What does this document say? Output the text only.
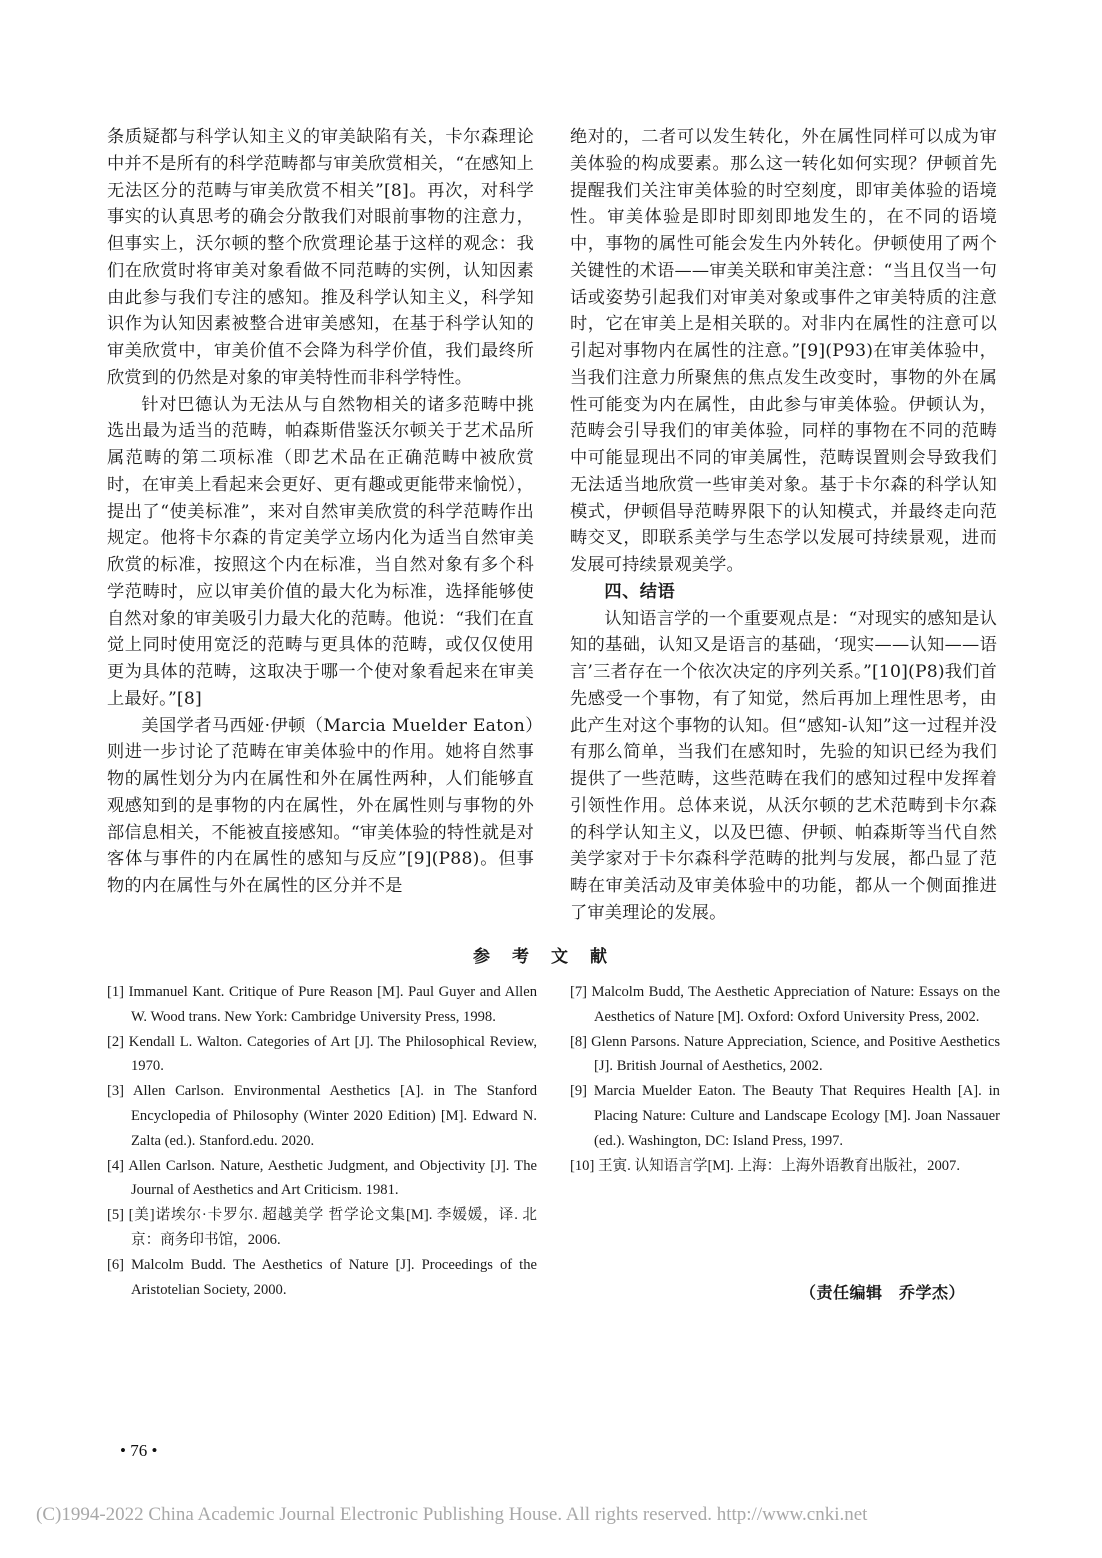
条质疑都与科学认知主义的审美缺陷有关，卡尔森理论中并不是所有的科学范畴都与审美欣赏相关，“在感知上无法区分的范畴与审美欣赏不相关”[8]。再次，对科学事实的认真思考的确会分散我们对眼前事物的注意力，但事实上，沃尔顿的整个欣赏理论基于这样的观念：我们在欣赏时将审美对象看做不同范畴的实例，认知因素由此参与我们专注的感知。推及科学认知主义，科学知识作为认知因素被整合进审美感知，在基于科学认知的审美欣赏中，审美价值不会降为科学价值，我们最终所欣赏到的仍然是对象的审美特性而非科学特性。

针对巴德认为无法从与自然物相关的诸多范畴中挑选出最为适当的范畴，帕森斯借鉴沃尔顿关于艺术品所属范畴的第二项标准（即艺术品在正确范畴中被欣赏时，在审美上看起来会更好、更有趣或更能带来愉悦），提出了“使美标准”，来对自然审美欣赏的科学范畴作出规定。他将卡尔森的肯定美学立场内化为适当自然审美欣赏的标准，按照这个内在标准，当自然对象有多个科学范畴时，应以审美价值的最大化为标准，选择能够使自然对象的审美吸引力最大化的范畴。他说：“我们在直觉上同时使用宽泛的范畴与更具体的范畴，或仅仅使用更为具体的范畴，这取决于哪一个使对象看起来在审美上最好。”[8]

美国学者马西娅·伊顿（Marcia Muelder Eaton）则进一步讨论了范畴在审美体验中的作用。她将自然事物的属性划分为内在属性和外在属性两种，人们能够直观感知到的是事物的内在属性，外在属性则与事物的外部信息相关，不能被直接感知。“审美体验的特性就是对客体与事件的内在属性的感知与反应”[9](P88)。但事物的内在属性与外在属性的区分并不是

绝对的，二者可以发生转化，外在属性同样可以成为审美体验的构成要素。那么这一转化如何实现？伊顿首先提醒我们关注审美体验的时空刻度，即审美体验的语境性。审美体验是即时即刻即地发生的，在不同的语境中，事物的属性可能会发生内外转化。伊顿使用了两个关键性的术语——审美关联和审美注意：“当且仅当一句话或姿势引起我们对审美对象或事件之审美特质的注意时，它在审美上是相关联的。对非内在属性的注意可以引起对事物内在属性的注意。”[9](P93)在审美体验中，当我们注意力所聚焦的焦点发生改变时，事物的外在属性可能变为内在属性，由此参与审美体验。伊顿认为，范畴会引导我们的审美体验，同样的事物在不同的范畴中可能显现出不同的审美属性，范畴误置则会导致我们无法适当地欣赏一些审美对象。基于卡尔森的科学认知模式，伊顿倡导范畴界限下的认知模式，并最终走向范畴交叉，即联系美学与生态学以发展可持续景观，进而发展可持续景观美学。

四、结语

认知语言学的一个重要观点是：“对现实的感知是认知的基础，认知又是语言的基础，‘现实——认知——语言’三者存在一个依次决定的序列关系。”[10](P8)我们首先感受一个事物，有了知觉，然后再加上理性思考，由此产生对这个事物的认知。但“感知-认知”这一过程并没有那么简单，当我们在感知时，先验的知识已经为我们提供了一些范畴，这些范畴在我们的感知过程中发挥着引领性作用。总体来说，从沃尔顿的艺术范畴到卡尔森的科学认知主义，以及巴德、伊顿、帕森斯等当代自然美学家对于卡尔森科学范畴的批判与发展，都凸显了范畴在审美活动及审美体验中的功能，都从一个侧面推进了审美理论的发展。

参考文献

[1] Immanuel Kant. Critique of Pure Reason [M]. Paul Guyer and Allen W. Wood trans. New York: Cambridge University Press, 1998.

[2] Kendall L. Walton. Categories of Art [J]. The Philosophical Review, 1970.

[3] Allen Carlson. Environmental Aesthetics [A]. in The Stanford Encyclopedia of Philosophy (Winter 2020 Edition) [M]. Edward N. Zalta (ed.). Stanford.edu. 2020.

[4] Allen Carlson. Nature, Aesthetic Judgment, and Objectivity [J]. The Journal of Aesthetics and Art Criticism. 1981.

[5] [美]诺埃尔·卡罗尔. 超越美学 哲学论文集[M]. 李媛媛，译. 北京：商务印书馆，2006.

[6] Malcolm Budd. The Aesthetics of Nature [J]. Proceedings of the Aristotelian Society, 2000.

[7] Malcolm Budd, The Aesthetic Appreciation of Nature: Essays on the Aesthetics of Nature [M]. Oxford: Oxford University Press, 2002.

[8] Glenn Parsons. Nature Appreciation, Science, and Positive Aesthetics [J]. British Journal of Aesthetics, 2002.

[9] Marcia Muelder Eaton. The Beauty That Requires Health [A]. in Placing Nature: Culture and Landscape Ecology [M]. Joan Nassauer (ed.). Washington, DC: Island Press, 1997.

[10] 王寅. 认知语言学[M]. 上海：上海外语教育出版社，2007.

（责任编辑　乔学杰）
• 76 •
(C)1994-2022 China Academic Journal Electronic Publishing House. All rights reserved. http://www.cnki.net
